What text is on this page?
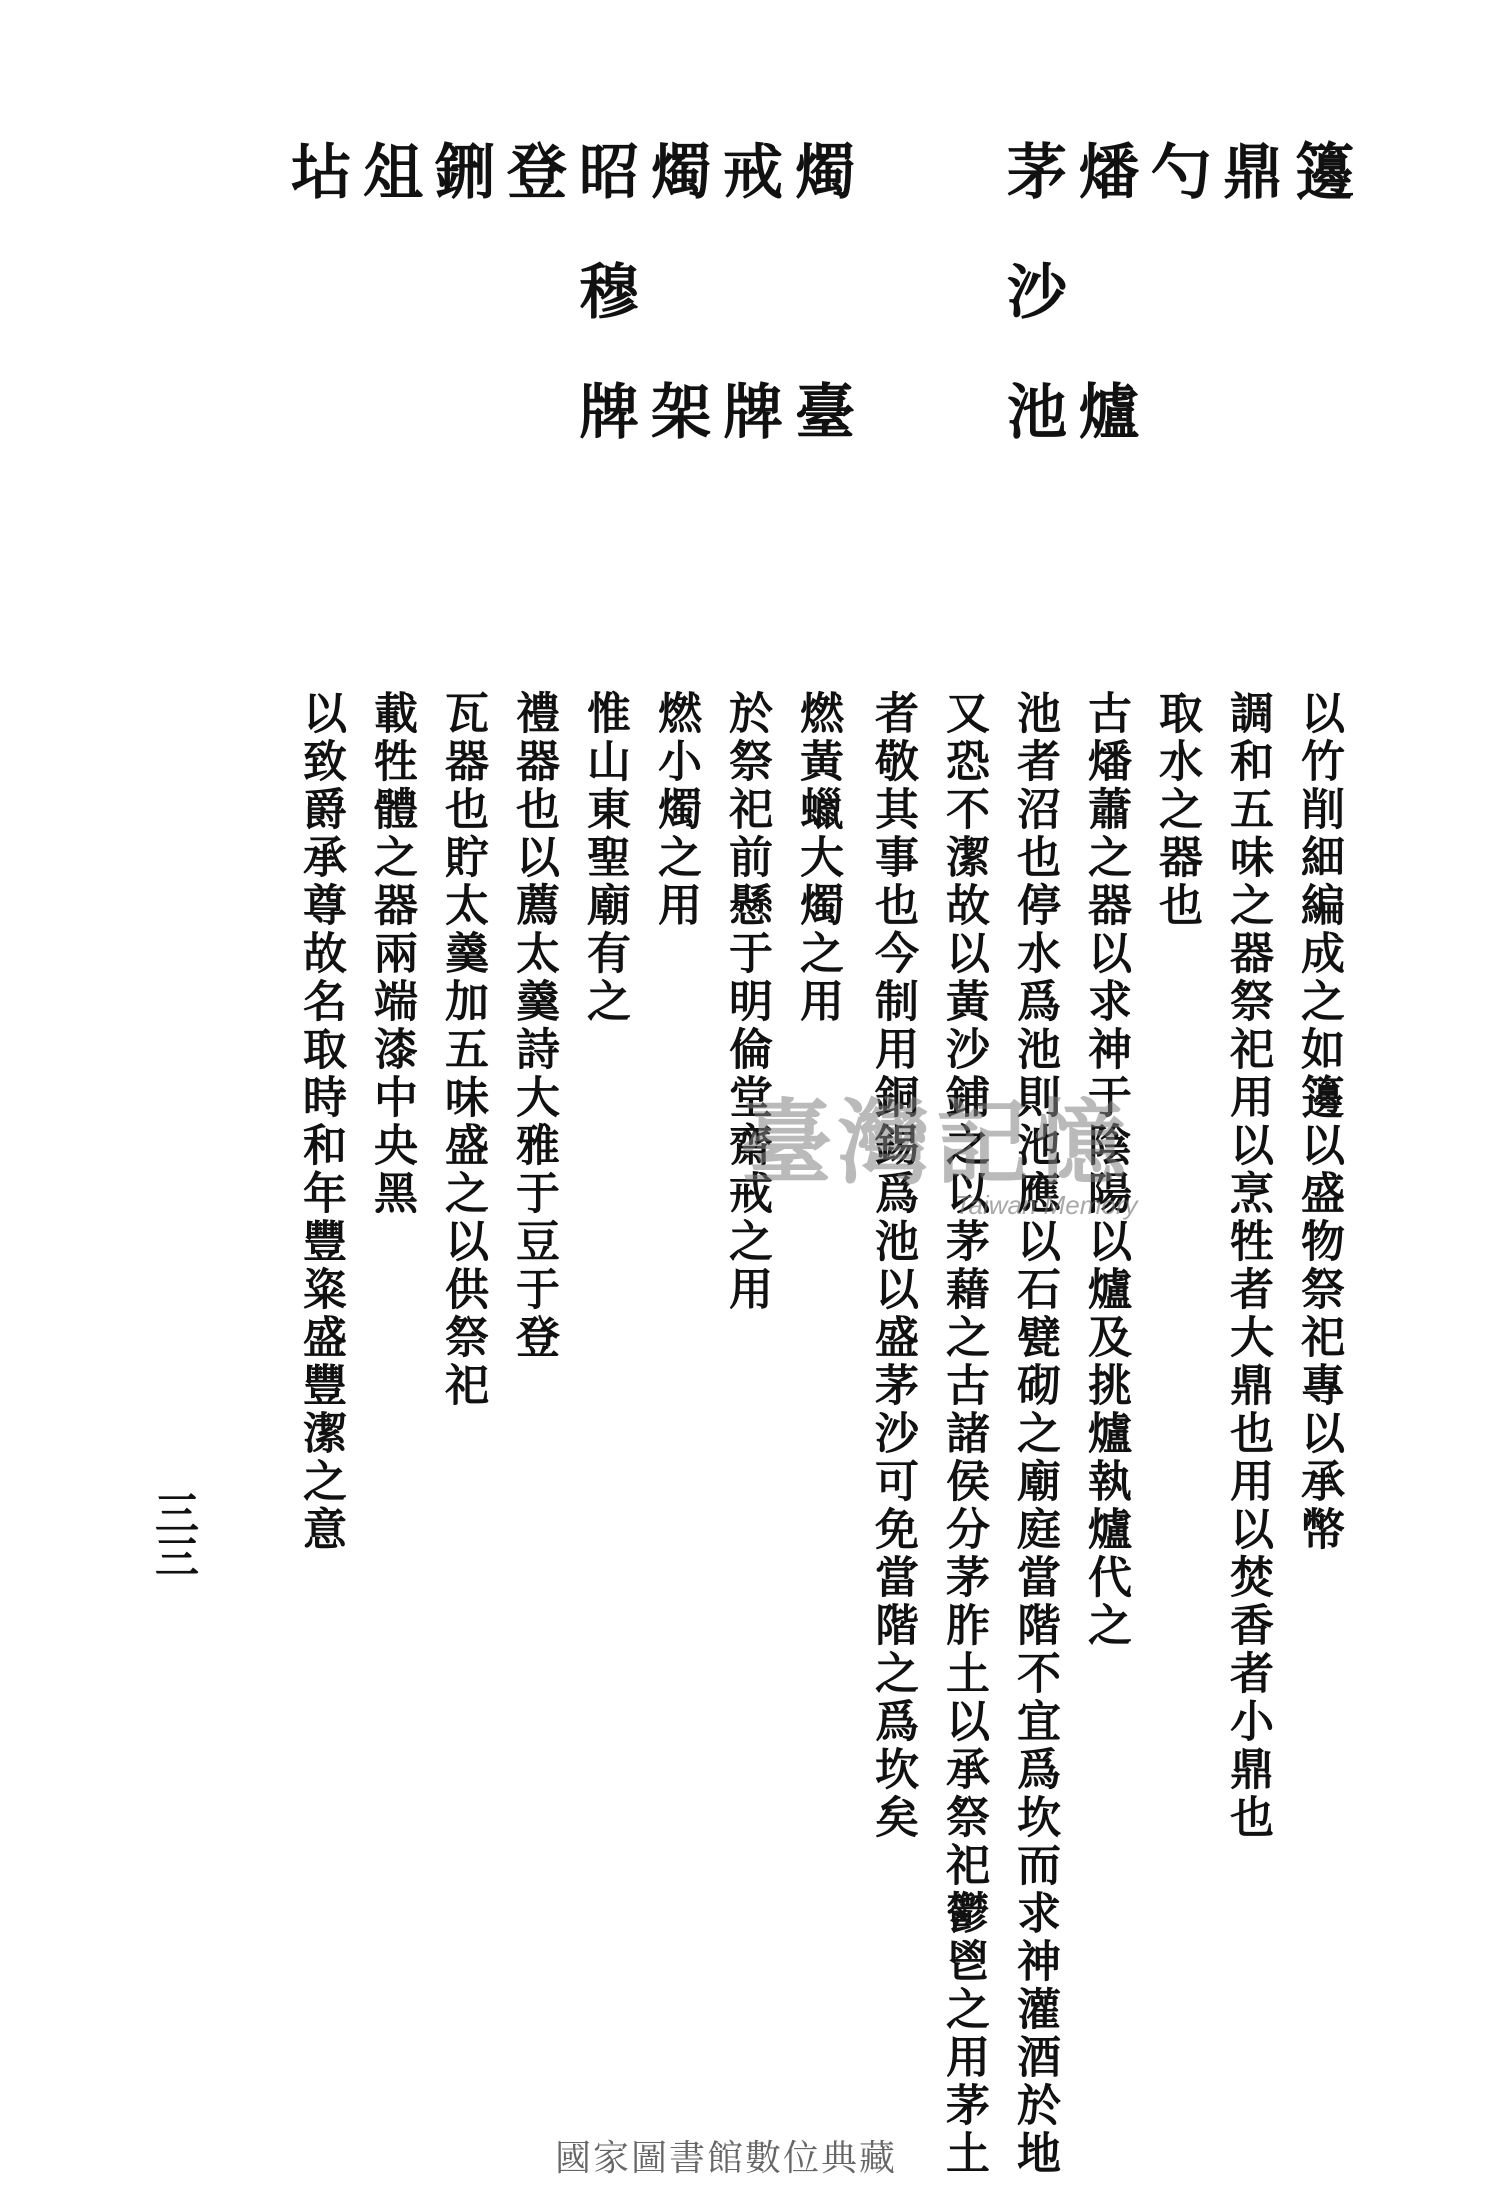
籩
鼎
勺
燔　　　爐
茅　沙　池
燭　　　臺
戒　　　牌
燭　　　架
昭　穆　牌
登
鉶
俎
坫
以竹削細編成之如籩以盛物祭祀專以承幣
調和五味之器祭祀用以烹牲者大鼎也用以焚香者小鼎也
取水之器也
古燔蕭之器以求神于陰陽以爐及挑爐執爐代之
池者沼也停水爲池則池應以石甓砌之廟庭當階不宜爲坎而求神灌酒於地
又恐不潔故以黃沙鋪之以茅藉之古諸侯分茅胙土以承祭祀鬱鬯之用茅土
者敬其事也今制用銅錫爲池以盛茅沙可免當階之爲坎矣
燃黃蠟大燭之用
於祭祀前懸于明倫堂齋戒之用
燃小燭之用
惟山東聖廟有之
禮器也以薦太羹詩大雅于豆于登
瓦器也貯太羹加五味盛之以供祭祀
載牲體之器兩端漆中央黑
以致爵承尊故名取時和年豐粢盛豐潔之意
三三
臺灣記憶
Taiwan Memory
國家圖書館數位典藏
